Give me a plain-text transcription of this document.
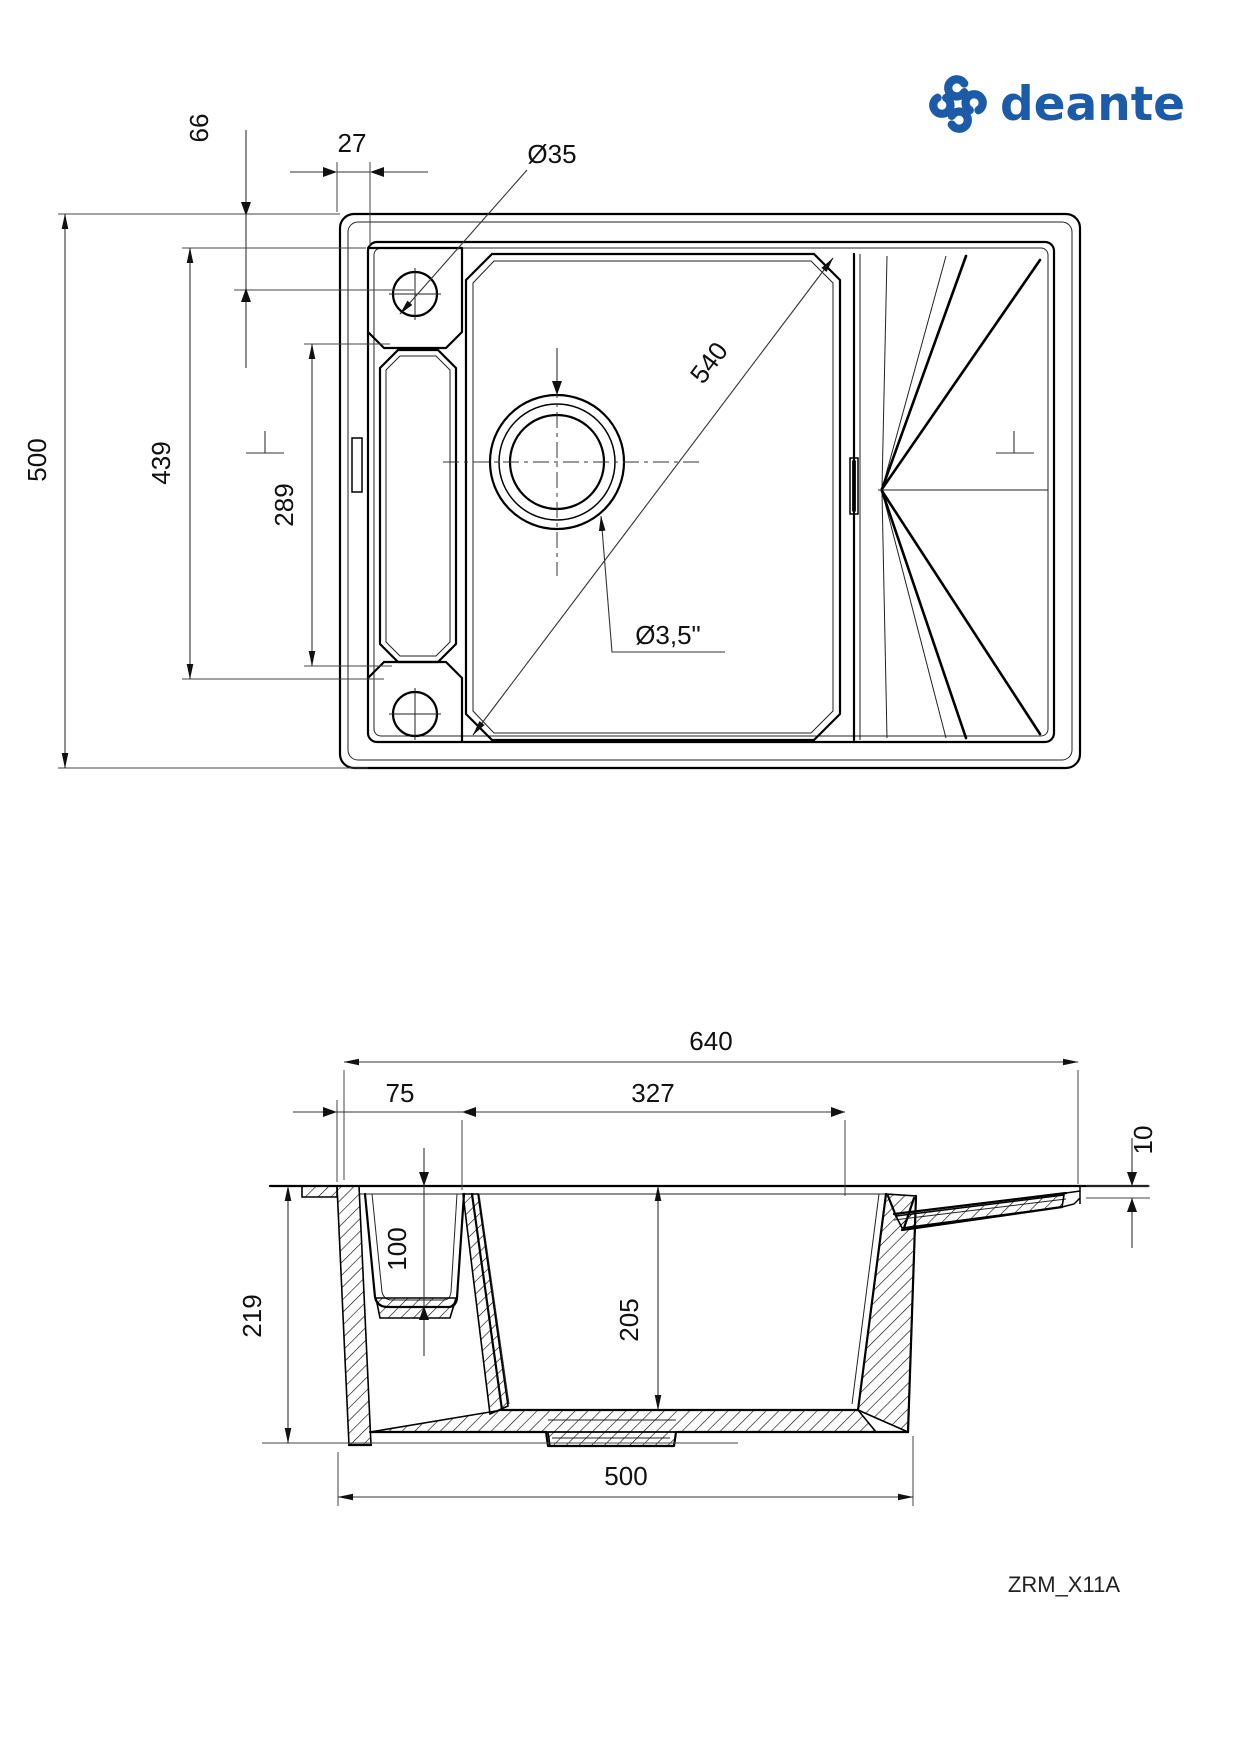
deante
540
Ø35
Ø3,5"
66	27
500	439
289
640
75	327
10
219
100
205
500
ZRM_X11A
